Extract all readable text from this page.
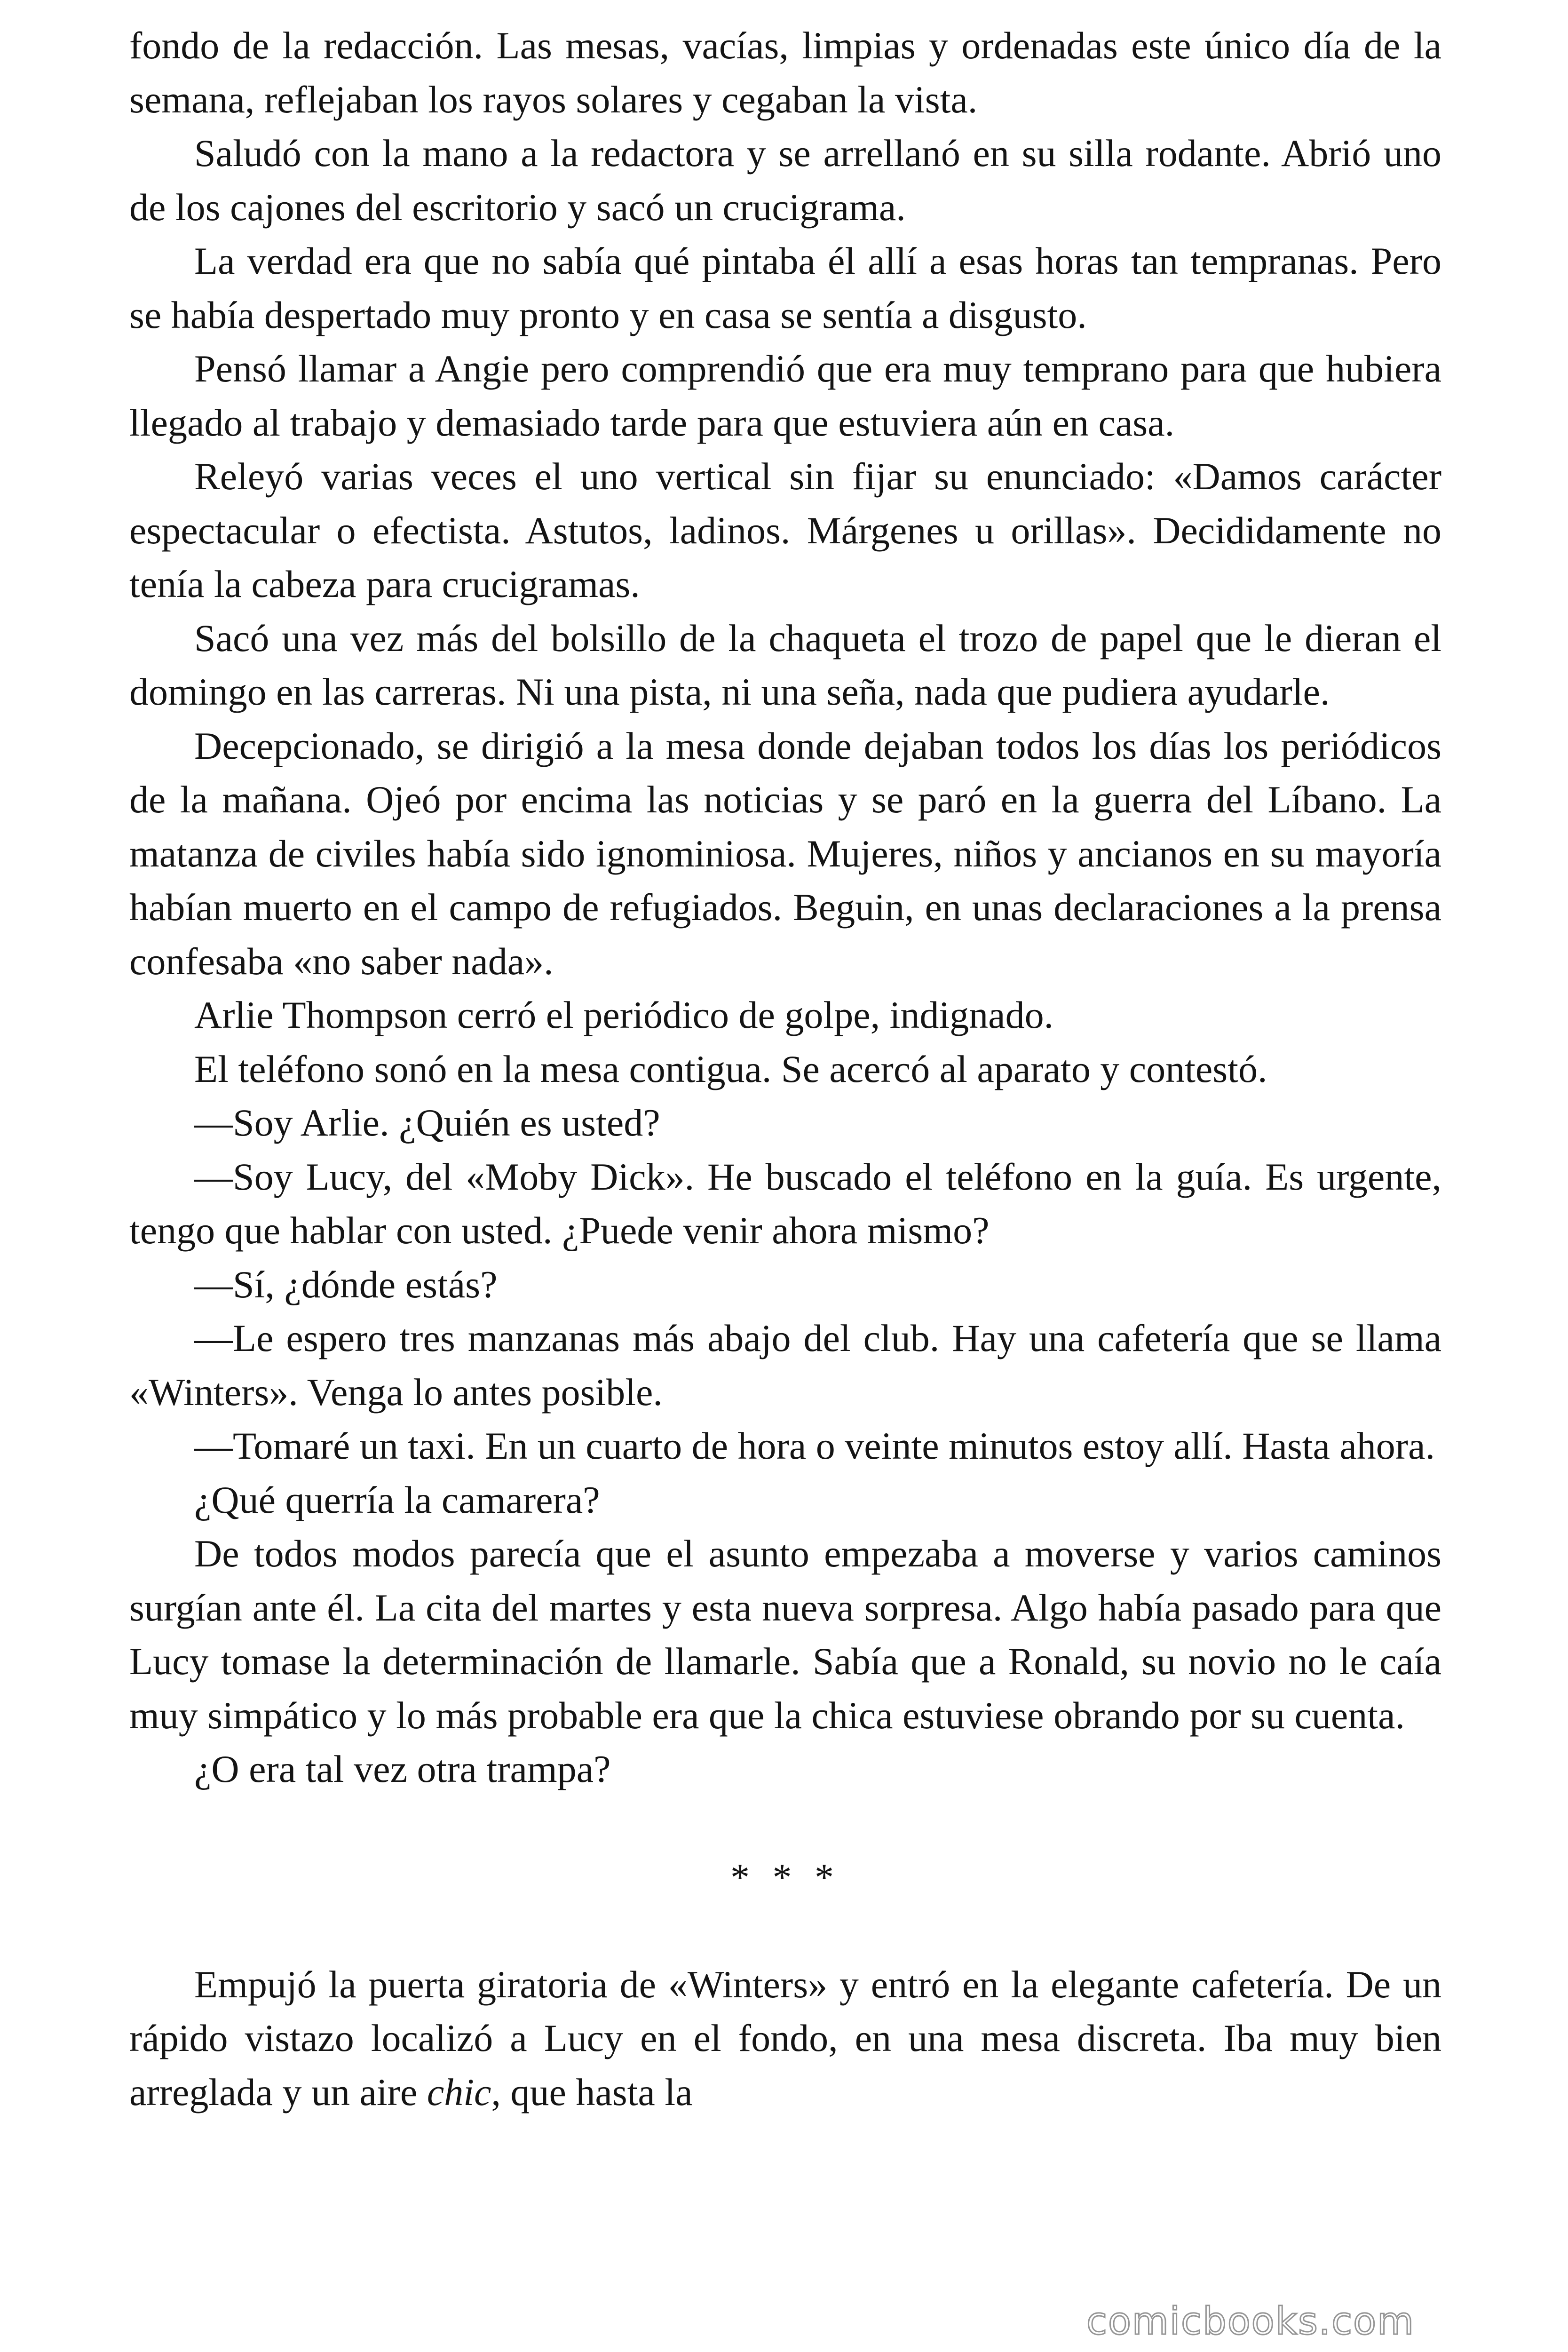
fondo de la redacción. Las mesas, vacías, limpias y ordenadas este único día de la semana, reflejaban los rayos solares y cegaban la vista.

Saludó con la mano a la redactora y se arrellanó en su silla rodante. Abrió uno de los cajones del escritorio y sacó un crucigrama.

La verdad era que no sabía qué pintaba él allí a esas horas tan tempranas. Pero se había despertado muy pronto y en casa se sentía a disgusto.

Pensó llamar a Angie pero comprendió que era muy temprano para que hubiera llegado al trabajo y demasiado tarde para que estuviera aún en casa.

Releyó varias veces el uno vertical sin fijar su enunciado: «Damos carácter espectacular o efectista. Astutos, ladinos. Márgenes u orillas». Decididamente no tenía la cabeza para crucigramas.

Sacó una vez más del bolsillo de la chaqueta el trozo de papel que le dieran el domingo en las carreras. Ni una pista, ni una seña, nada que pudiera ayudarle.

Decepcionado, se dirigió a la mesa donde dejaban todos los días los periódicos de la mañana. Ojeó por encima las noticias y se paró en la guerra del Líbano. La matanza de civiles había sido ignominiosa. Mujeres, niños y ancianos en su mayoría habían muerto en el campo de refugiados. Beguin, en unas declaraciones a la prensa confesaba «no saber nada».

Arlie Thompson cerró el periódico de golpe, indignado.

El teléfono sonó en la mesa contigua. Se acercó al aparato y contestó.

—Soy Arlie. ¿Quién es usted?

—Soy Lucy, del «Moby Dick». He buscado el teléfono en la guía. Es urgente, tengo que hablar con usted. ¿Puede venir ahora mismo?

—Sí, ¿dónde estás?

—Le espero tres manzanas más abajo del club. Hay una cafetería que se llama «Winters». Venga lo antes posible.

—Tomaré un taxi. En un cuarto de hora o veinte minutos estoy allí. Hasta ahora.

¿Qué querría la camarera?

De todos modos parecía que el asunto empezaba a moverse y varios caminos surgían ante él. La cita del martes y esta nueva sorpresa. Algo había pasado para que Lucy tomase la determinación de llamarle. Sabía que a Ronald, su novio no le caía muy simpático y lo más probable era que la chica estuviese obrando por su cuenta.

¿O era tal vez otra trampa?

* * *

Empujó la puerta giratoria de «Winters» y entró en la elegante cafetería. De un rápido vistazo localizó a Lucy en el fondo, en una mesa discreta. Iba muy bien arreglada y un aire chic, que hasta la

comicbooks.com
